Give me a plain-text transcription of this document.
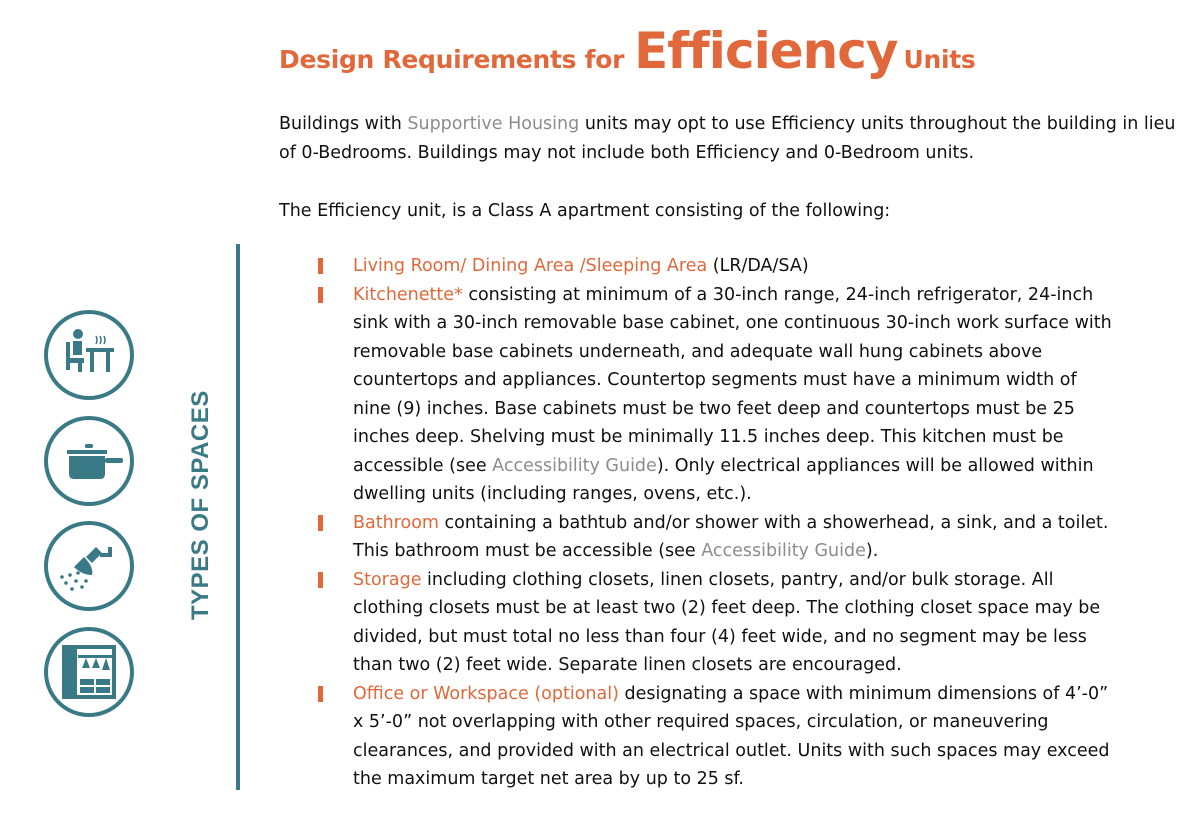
Design Requirements for Efficiency Units

Buildings with Supportive Housing units may opt to use Efficiency units throughout the building in lieu of 0-Bedrooms. Buildings may not include both Efficiency and 0-Bedroom units.

The Efficiency unit, is a Class A apartment consisting of the following:

TYPES OF SPACES
Living Room/ Dining Area /Sleeping Area (LR/DA/SA)
Kitchenette* consisting at minimum of a 30-inch range, 24-inch refrigerator, 24-inch sink with a 30-inch removable base cabinet, one continuous 30-inch work surface with removable base cabinets underneath, and adequate wall hung cabinets above countertops and appliances. Countertop segments must have a minimum width of nine (9) inches. Base cabinets must be two feet deep and countertops must be 25 inches deep. Shelving must be minimally 11.5 inches deep. This kitchen must be accessible (see Accessibility Guide). Only electrical appliances will be allowed within dwelling units (including ranges, ovens, etc.).
Bathroom containing a bathtub and/or shower with a showerhead, a sink, and a toilet. This bathroom must be accessible (see Accessibility Guide).
Storage including clothing closets, linen closets, pantry, and/or bulk storage. All clothing closets must be at least two (2) feet deep. The clothing closet space may be divided, but must total no less than four (4) feet wide, and no segment may be less than two (2) feet wide. Separate linen closets are encouraged.
Office or Workspace (optional) designating a space with minimum dimensions of 4’-0” x 5’-0” not overlapping with other required spaces, circulation, or maneuvering clearances, and provided with an electrical outlet. Units with such spaces may exceed the maximum target net area by up to 25 sf.
